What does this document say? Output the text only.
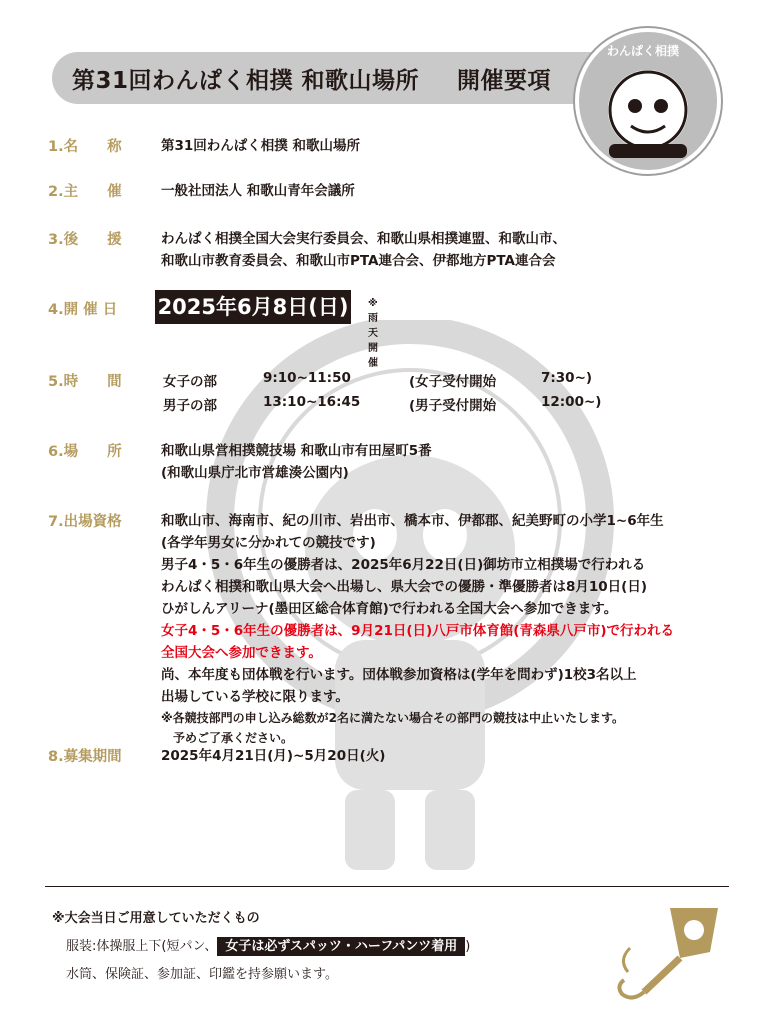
第31回わんぱく相撲 和歌山場所 開催要項
わんぱく相撲
1.名　　称	第31回わんぱく相撲 和歌山場所
2.主　　催	一般社団法人 和歌山青年会議所
3.後　　援	わんぱく相撲全国大会実行委員会、和歌山県相撲連盟、和歌山市、
和歌山市教育委員会、和歌山市PTA連合会、伊都地方PTA連合会
4.開 催 日 2025年6月8日(日) ※雨天開催
5.時　　間	女子の部	9:10~11:50	(女子受付開始	7:30~)
男子の部	13:10~16:45	(男子受付開始	12:00~)
6.場　　所	和歌山県営相撲競技場 和歌山市有田屋町5番
(和歌山県庁北市営雄湊公園内)
7.出場資格	和歌山市、海南市、紀の川市、岩出市、橋本市、伊都郡、紀美野町の小学1~6年生
(各学年男女に分かれての競技です)
男子4・5・6年生の優勝者は、2025年6月22日(日)御坊市立相撲場で行われる
わんぱく相撲和歌山県大会へ出場し、県大会での優勝・準優勝者は8月10日(日)
ひがしんアリーナ(墨田区総合体育館)で行われる全国大会へ参加できます。
女子4・5・6年生の優勝者は、9月21日(日)八戸市体育館(青森県八戸市)で行われる
全国大会へ参加できます。
尚、本年度も団体戦を行います。団体戦参加資格は(学年を問わず)1校3名以上
出場している学校に限ります。
※各競技部門の申し込み総数が2名に満たない場合その部門の競技は中止いたします。
　予めご了承ください。
8.募集期間	2025年4月21日(月)~5月20日(火)
※大会当日ご用意していただくもの
服装:体操服上下(短パン、 女子は必ずスパッツ・ハーフパンツ着用 )
水筒、保険証、参加証、印鑑を持参願います。
